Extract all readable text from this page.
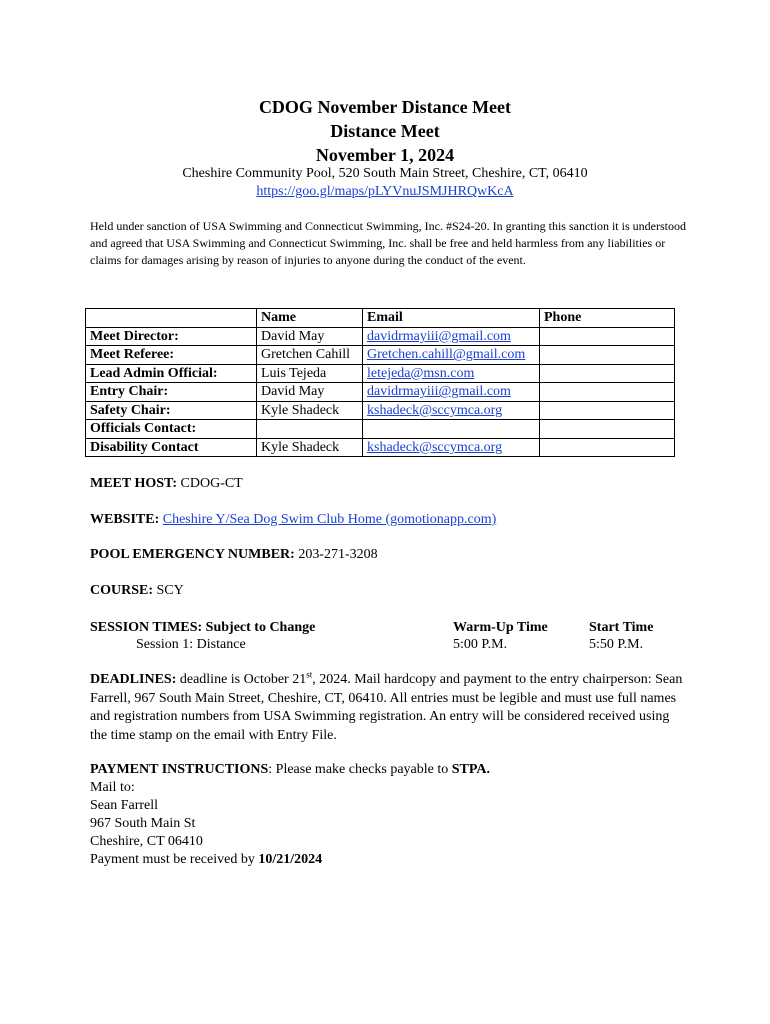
CDOG November Distance Meet
Distance Meet
November 1, 2024
Cheshire Community Pool, 520 South Main Street, Cheshire, CT, 06410
https://goo.gl/maps/pLYVnuJSMJHRQwKcA
Held under sanction of USA Swimming and Connecticut Swimming, Inc. #S24-20. In granting this sanction it is understood and agreed that USA Swimming and Connecticut Swimming, Inc. shall be free and held harmless from any liabilities or claims for damages arising by reason of injuries to anyone during the conduct of the event.
	Name	Email	Phone
Meet Director:	David May	davidrmayiii@gmail.com	
Meet Referee:	Gretchen Cahill	Gretchen.cahill@gmail.com	
Lead Admin Official:	Luis Tejeda	letejeda@msn.com	
Entry Chair:	David May	davidrmayiii@gmail.com	
Safety Chair:	Kyle Shadeck	kshadeck@sccymca.org	
Officials Contact:			
Disability Contact	Kyle Shadeck	kshadeck@sccymca.org	
MEET HOST: CDOG-CT
WEBSITE: Cheshire Y/Sea Dog Swim Club Home (gomotionapp.com)
POOL EMERGENCY NUMBER: 203-271-3208
COURSE: SCY
SESSION TIMES: Subject to Change	Warm-Up Time	Start Time
Session 1: Distance	5:00 P.M.	5:50 P.M.
DEADLINES: deadline is October 21st, 2024. Mail hardcopy and payment to the entry chairperson: Sean Farrell, 967 South Main Street, Cheshire, CT, 06410. All entries must be legible and must use full names and registration numbers from USA Swimming registration. An entry will be considered received using the time stamp on the email with Entry File.
PAYMENT INSTRUCTIONS: Please make checks payable to STPA.
Mail to:
Sean Farrell
967 South Main St
Cheshire, CT 06410
Payment must be received by 10/21/2024
